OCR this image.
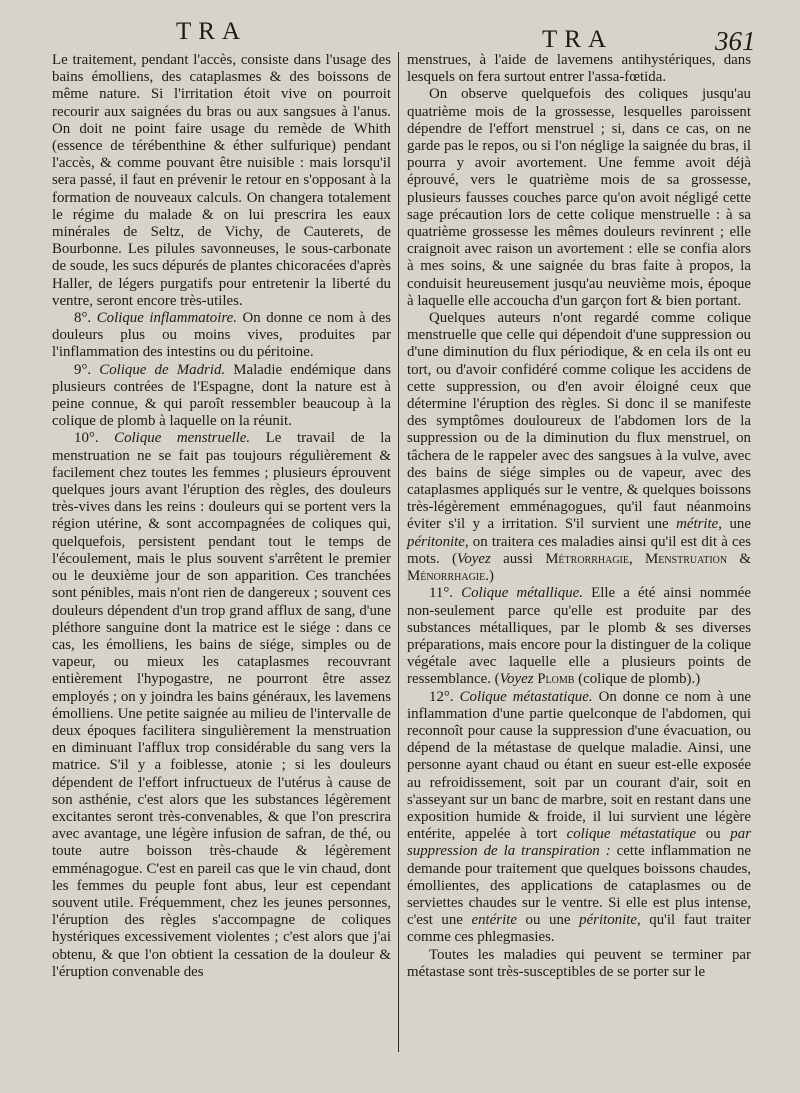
TRA	TRA	361

Le traitement, pendant l'accès, consiste dans l'usage des bains émolliens, des cataplasmes & des boissons de même nature. Si l'irritation étoit vive on pourroit recourir aux saignées du bras ou aux sangsues à l'anus. On doit ne point faire usage du remède de Whith (essence de térébenthine & éther sulfurique) pendant l'accès, & comme pouvant être nuisible : mais lorsqu'il sera passé, il faut en prévenir le retour en s'opposant à la formation de nouveaux calculs. On changera totalement le régime du malade & on lui prescrira les eaux minérales de Seltz, de Vichy, de Cauterets, de Bourbonne. Les pilules savonneuses, le sous-carbonate de soude, les sucs dépurés de plantes chicoracées d'après Haller, de légers purgatifs pour entretenir la liberté du ventre, seront encore très-utiles.

8°. Colique inflammatoire. On donne ce nom à des douleurs plus ou moins vives, produites par l'inflammation des intestins ou du péritoine.

9°. Colique de Madrid. Maladie endémique dans plusieurs contrées de l'Espagne, dont la nature est à peine connue, & qui paroît ressembler beaucoup à la colique de plomb à laquelle on la réunit.

10°. Colique menstruelle. Le travail de la menstruation ne se fait pas toujours régulièrement & facilement chez toutes les femmes ; plusieurs éprouvent quelques jours avant l'éruption des règles, des douleurs très-vives dans les reins : douleurs qui se portent vers la région utérine, & sont accompagnées de coliques qui, quelquefois, persistent pendant tout le temps de l'écoulement, mais le plus souvent s'arrêtent le premier ou le deuxième jour de son apparition. Ces tranchées sont pénibles, mais n'ont rien de dangereux ; souvent ces douleurs dépendent d'un trop grand afflux de sang, d'une pléthore sanguine dont la matrice est le siége : dans ce cas, les émolliens, les bains de siége, simples ou de vapeur, ou mieux les cataplasmes recouvrant entièrement l'hypogastre, ne pourront être assez employés ; on y joindra les bains généraux, les lavemens émolliens. Une petite saignée au milieu de l'intervalle de deux époques facilitera singulièrement la menstruation en diminuant l'afflux trop considérable du sang vers la matrice. S'il y a foiblesse, atonie ; si les douleurs dépendent de l'effort infructueux de l'utérus à cause de son asthénie, c'est alors que les substances légèrement excitantes seront très-convenables, & que l'on prescrira avec avantage, une légère infusion de safran, de thé, ou toute autre boisson très-chaude & légèrement emménagogue. C'est en pareil cas que le vin chaud, dont les femmes du peuple font abus, leur est cependant souvent utile. Fréquemment, chez les jeunes personnes, l'éruption des règles s'accompagne de coliques hystériques excessivement violentes ; c'est alors que j'ai obtenu, & que l'on obtient la cessation de la douleur & l'éruption convenable des

menstrues, à l'aide de lavemens antihystériques, dans lesquels on fera surtout entrer l'assa-fœtida.

On observe quelquefois des coliques jusqu'au quatrième mois de la grossesse, lesquelles paroissent dépendre de l'effort menstruel ; si, dans ce cas, on ne garde pas le repos, ou si l'on néglige la saignée du bras, il pourra y avoir avortement. Une femme avoit déjà éprouvé, vers le quatrième mois de sa grossesse, plusieurs fausses couches parce qu'on avoit négligé cette sage précaution lors de cette colique menstruelle : à sa quatrième grossesse les mêmes douleurs revinrent ; elle craignoit avec raison un avortement : elle se confia alors à mes soins, & une saignée du bras faite à propos, la conduisit heureusement jusqu'au neuvième mois, époque à laquelle elle accoucha d'un garçon fort & bien portant.

Quelques auteurs n'ont regardé comme colique menstruelle que celle qui dépendoit d'une suppression ou d'une diminution du flux périodique, & en cela ils ont eu tort, ou d'avoir confidéré comme colique les accidens de cette suppression, ou d'en avoir éloigné ceux que détermine l'éruption des règles. Si donc il se manifeste des symptômes douloureux de l'abdomen lors de la suppression ou de la diminution du flux menstruel, on tâchera de le rappeler avec des sangsues à la vulve, avec des bains de siége simples ou de vapeur, avec des cataplasmes appliqués sur le ventre, & quelques boissons très-légèrement emménagogues, qu'il faut néanmoins éviter s'il y a irritation. S'il survient une métrite, une péritonite, on traitera ces maladies ainsi qu'il est dit à ces mots. (Voyez aussi Métrorrhagie, Menstruation & Ménorrhagie.)

11°. Colique métallique. Elle a été ainsi nommée non-seulement parce qu'elle est produite par des substances métalliques, par le plomb & ses diverses préparations, mais encore pour la distinguer de la colique végétale avec laquelle elle a plusieurs points de ressemblance. (Voyez Plomb (colique de plomb).)

12°. Colique métastatique. On donne ce nom à une inflammation d'une partie quelconque de l'abdomen, qui reconnoît pour cause la suppression d'une évacuation, ou dépend de la métastase de quelque maladie. Ainsi, une personne ayant chaud ou étant en sueur est-elle exposée au refroidissement, soit par un courant d'air, soit en s'asseyant sur un banc de marbre, soit en restant dans une exposition humide & froide, il lui survient une légère entérite, appelée à tort colique métastatique ou par suppression de la transpiration : cette inflammation ne demande pour traitement que quelques boissons chaudes, émollientes, des applications de cataplasmes ou de serviettes chaudes sur le ventre. Si elle est plus intense, c'est une entérite ou une péritonite, qu'il faut traiter comme ces phlegmasies.

Toutes les maladies qui peuvent se terminer par métastase sont très-susceptibles de se porter sur le
